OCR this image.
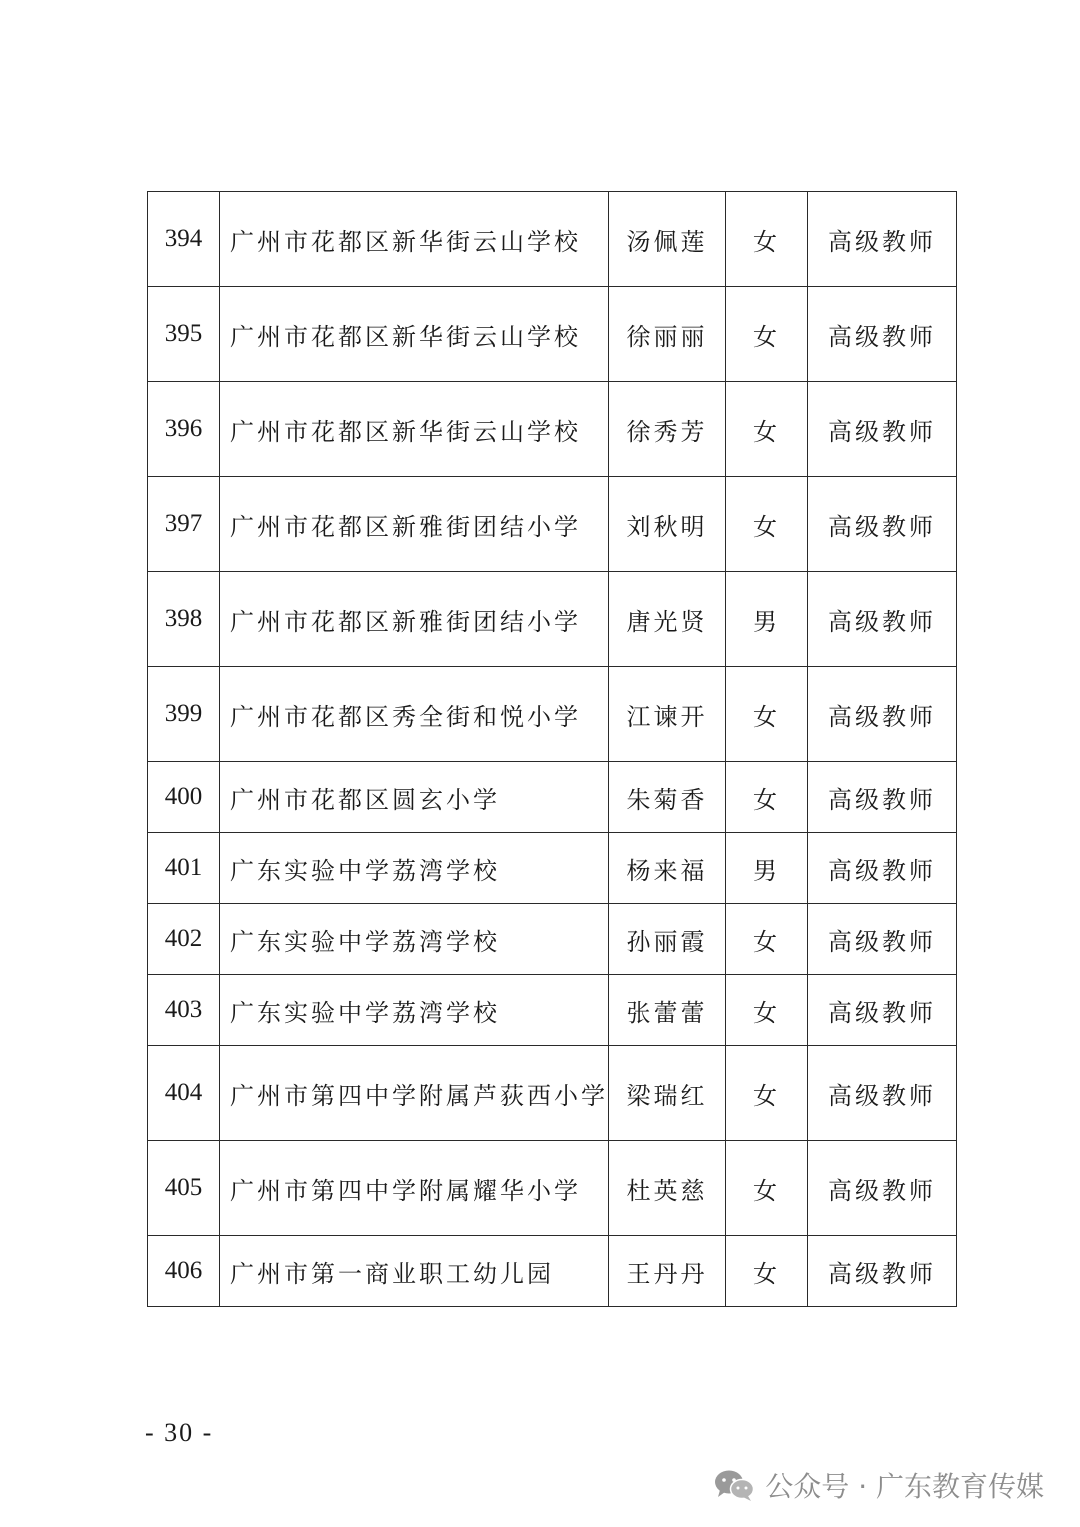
394	广州市花都区新华街云山学校	汤佩莲	女	高级教师
395	广州市花都区新华街云山学校	徐丽丽	女	高级教师
396	广州市花都区新华街云山学校	徐秀芳	女	高级教师
397	广州市花都区新雅街团结小学	刘秋明	女	高级教师
398	广州市花都区新雅街团结小学	唐光贤	男	高级教师
399	广州市花都区秀全街和悦小学	江谏开	女	高级教师
400	广州市花都区圆玄小学	朱菊香	女	高级教师
401	广东实验中学荔湾学校	杨来福	男	高级教师
402	广东实验中学荔湾学校	孙丽霞	女	高级教师
403	广东实验中学荔湾学校	张蕾蕾	女	高级教师
404	广州市第四中学附属芦荻西小学	梁瑞红	女	高级教师
405	广州市第四中学附属耀华小学	杜英慈	女	高级教师
406	广州市第一商业职工幼儿园	王丹丹	女	高级教师
- 30 -
公众号 · 广东教育传媒
